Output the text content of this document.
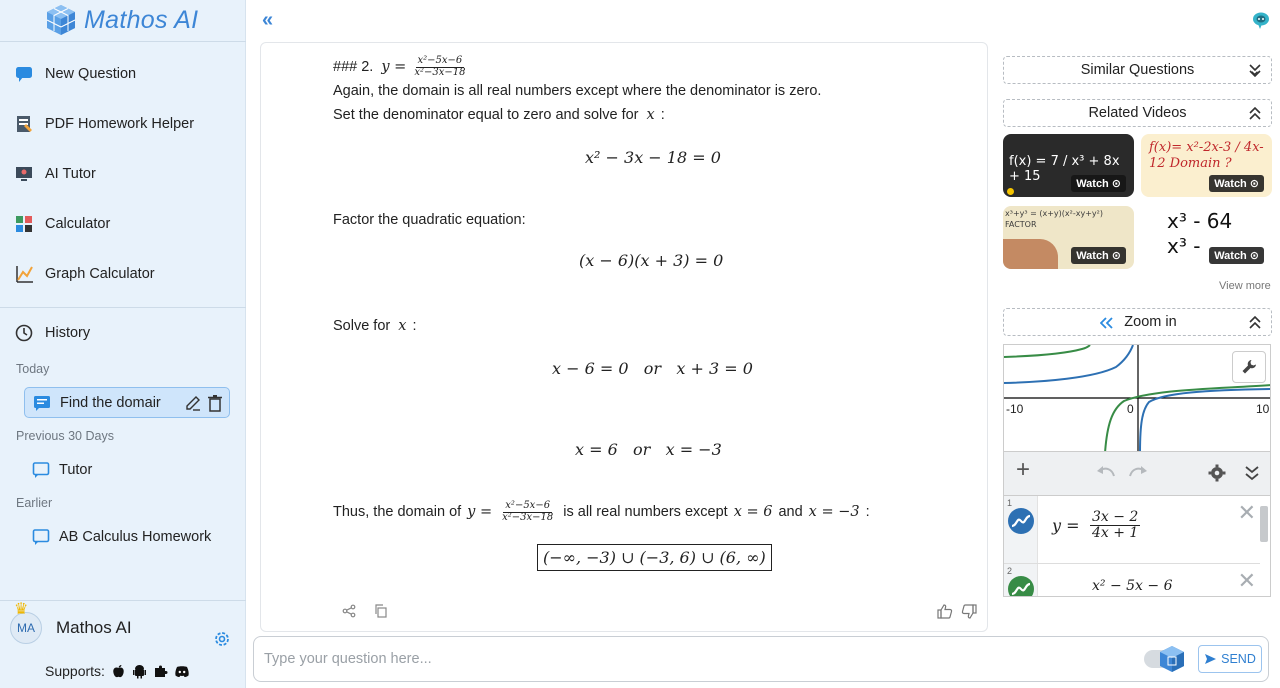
Mathos AI
New Question
PDF Homework Helper
AI Tutor
Calculator
Graph Calculator
History
Today
Find the domair
Previous 30 Days
Tutor
Earlier
AB Calculus Homework
♛
MA Mathos AI
Supports:
«
### 2. $y = \frac{\text{x²−5x−6}}{\text{x²−3x−18}}$
Again, the domain is all real numbers except where the denominator is zero.
Set the denominator equal to zero and solve for x :
x² − 3x − 18 = 0
Factor the quadratic equation:
(x − 6)(x + 3) = 0
Solve for x :
x − 6 = 0   or   x + 3 = 0
x = 6   or   x = −3
Thus, the domain of $y = \frac{\text{x²−5x−6}}{\text{x²−3x−18}}$ is all real numbers except x = 6 and x = −3 :
(−∞, −3) ∪ (−3, 6) ∪ (6, ∞)
Similar Questions	⌄
Related Videos
f(x) = 7 / x³ + 8x + 15	Watch ⊙
f(x)= x²-2x-3 / 4x-12 Domain ?
Watch ⊙
x³+y³ = (x+y)(x²-xy+y²) FACTOR
Watch ⊙
x³ - 64 x³ -	Watch ⊙
View more
Zoom in
-10	0	10
+
1
$y = \frac{3x - 2}{4x + 1}$	✕
2
x² − 5x − 6	✕
Type your question here...
SEND
